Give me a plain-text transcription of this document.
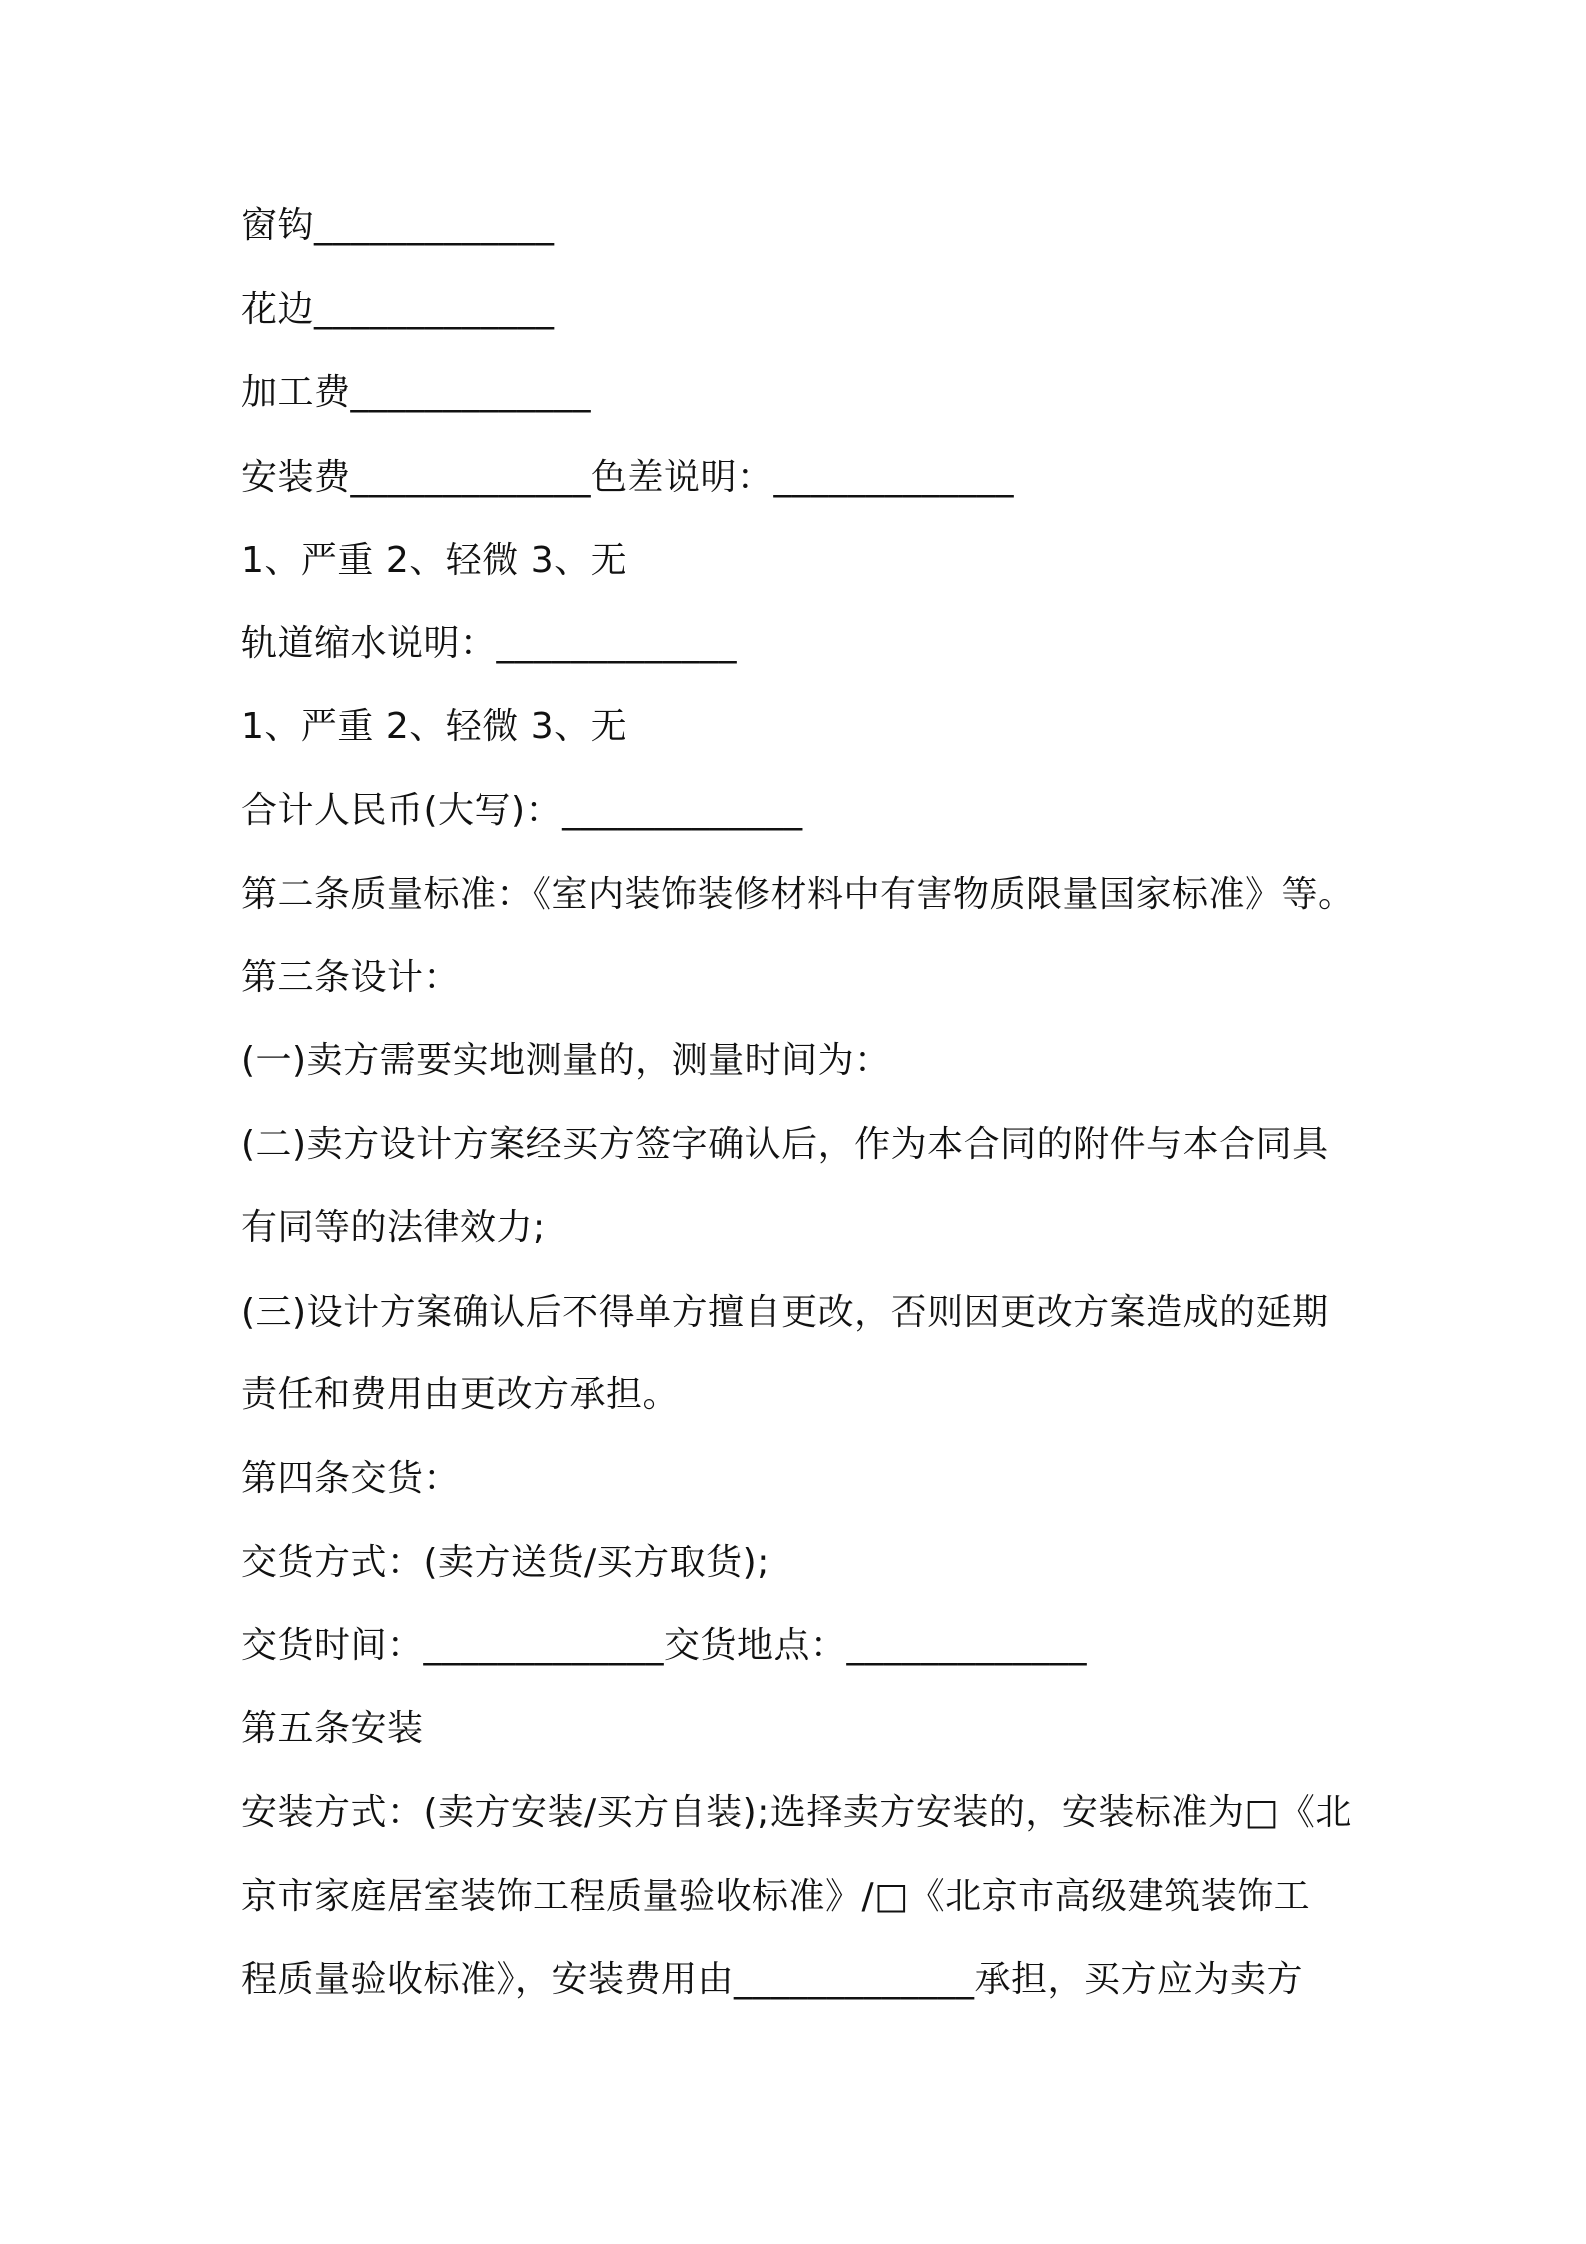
窗钩_____________

花边_____________

加工费_____________

安装费_____________色差说明：_____________

1、严重 2、轻微 3、无

轨道缩水说明：_____________

1、严重 2、轻微 3、无

合计人民币(大写)：_____________

第二条质量标准：《室内装饰装修材料中有害物质限量国家标准》等。

第三条设计：

(一)卖方需要实地测量的，测量时间为：

(二)卖方设计方案经买方签字确认后，作为本合同的附件与本合同具

有同等的法律效力;

(三)设计方案确认后不得单方擅自更改，否则因更改方案造成的延期

责任和费用由更改方承担。

第四条交货：

交货方式：(卖方送货/买方取货);

交货时间：_____________交货地点：_____________

第五条安装

安装方式：(卖方安装/买方自装);选择卖方安装的，安装标准为□《北

京市家庭居室装饰工程质量验收标准》/□《北京市高级建筑装饰工

程质量验收标准》，安装费用由_____________承担，买方应为卖方
